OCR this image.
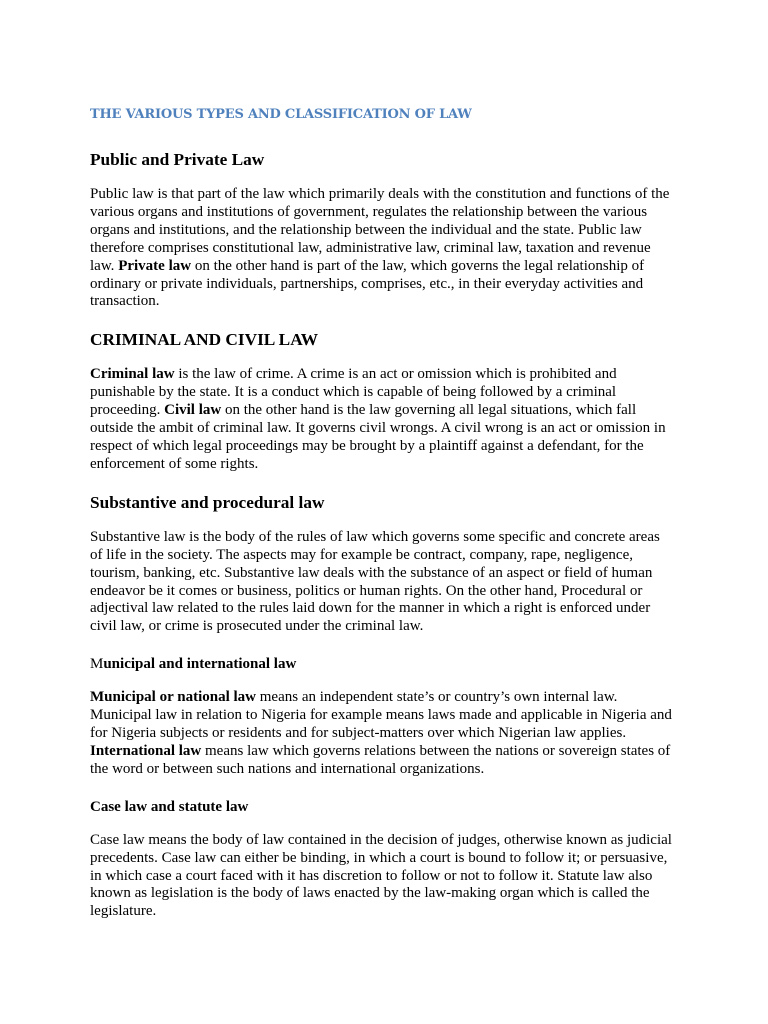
THE VARIOUS TYPES AND CLASSIFICATION OF LAW
Public and Private Law

Public law is that part of the law which primarily deals with the constitution and functions of the various organs and institutions of government, regulates the relationship between the various organs and institutions, and the relationship between the individual and the state. Public law therefore comprises constitutional law, administrative law, criminal law, taxation and revenue law. Private law on the other hand is part of the law, which governs the legal relationship of ordinary or private individuals, partnerships, comprises, etc., in their everyday activities and transaction.

CRIMINAL AND CIVIL LAW

Criminal law is the law of crime. A crime is an act or omission which is prohibited and punishable by the state. It is a conduct which is capable of being followed by a criminal proceeding. Civil law on the other hand is the law governing all legal situations, which fall outside the ambit of criminal law. It governs civil wrongs. A civil wrong is an act or omission in respect of which legal proceedings may be brought by a plaintiff against a defendant, for the enforcement of some rights.

Substantive and procedural law

Substantive law is the body of the rules of law which governs some specific and concrete areas of life in the society. The aspects may for example be contract, company, rape, negligence, tourism, banking, etc. Substantive law deals with the substance of an aspect or field of human endeavor be it comes or business, politics or human rights. On the other hand, Procedural or adjectival law related to the rules laid down for the manner in which a right is enforced under civil law, or crime is prosecuted under the criminal law.

Municipal and international law

Municipal or national law means an independent state’s or country’s own internal law. Municipal law in relation to Nigeria for example means laws made and applicable in Nigeria and for Nigeria subjects or residents and for subject-matters over which Nigerian law applies. International law means law which governs relations between the nations or sovereign states of the word or between such nations and international organizations.

Case law and statute law

Case law means the body of law contained in the decision of judges, otherwise known as judicial precedents. Case law can either be binding, in which a court is bound to follow it; or persuasive, in which case a court faced with it has discretion to follow or not to follow it. Statute law also known as legislation is the body of laws enacted by the law-making organ which is called the legislature.
